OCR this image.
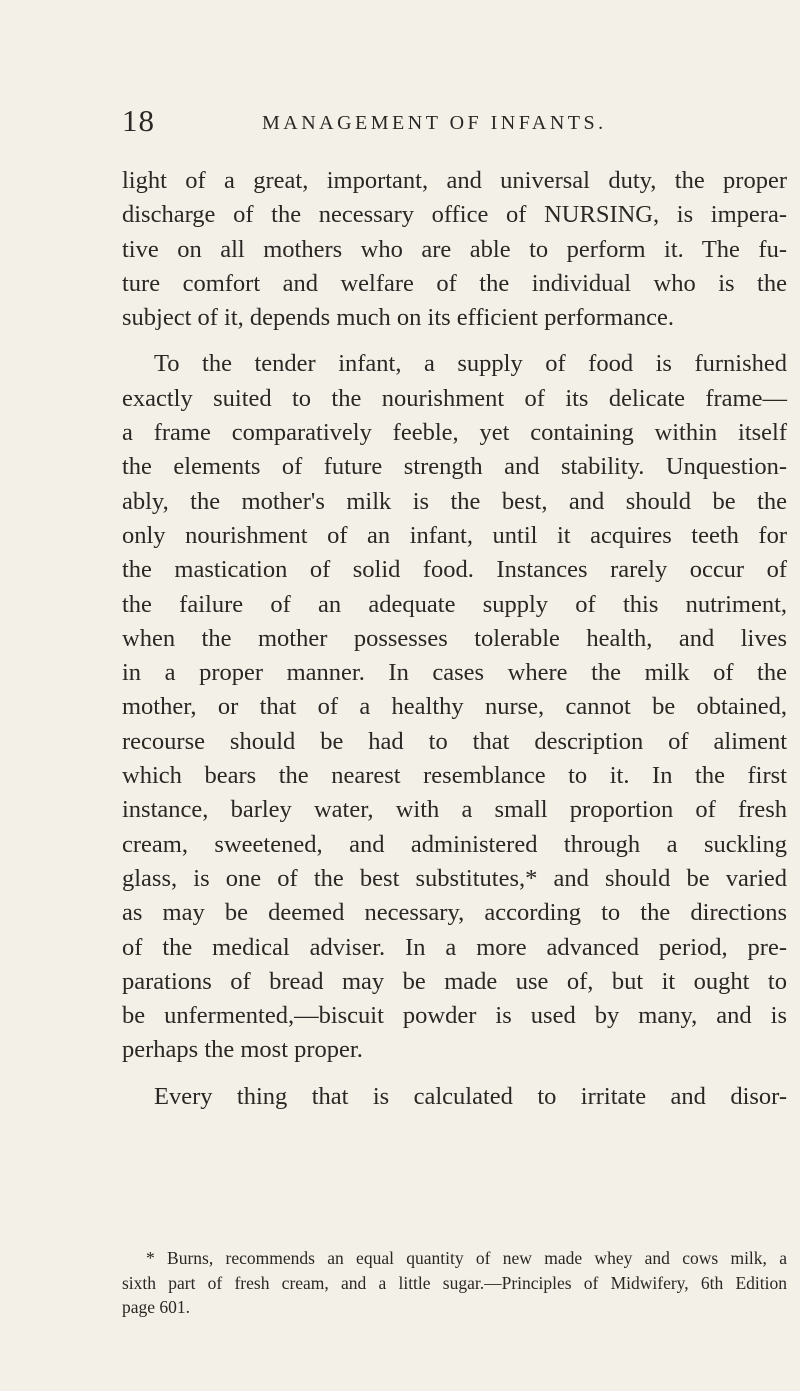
18	MANAGEMENT OF INFANTS.
light of a great, important, and universal duty, the proper
discharge of the necessary office of NURSING, is impera-
tive on all mothers who are able to perform it. The fu-
ture comfort and welfare of the individual who is the
subject of it, depends much on its efficient performance.
To the tender infant, a supply of food is furnished
exactly suited to the nourishment of its delicate frame—
a frame comparatively feeble, yet containing within itself
the elements of future strength and stability. Unquestion-
ably, the mother's milk is the best, and should be the
only nourishment of an infant, until it acquires teeth for
the mastication of solid food. Instances rarely occur of
the failure of an adequate supply of this nutriment,
when the mother possesses tolerable health, and lives
in a proper manner. In cases where the milk of the
mother, or that of a healthy nurse, cannot be obtained,
recourse should be had to that description of aliment
which bears the nearest resemblance to it. In the first
instance, barley water, with a small proportion of fresh
cream, sweetened, and administered through a suckling
glass, is one of the best substitutes,* and should be varied
as may be deemed necessary, according to the directions
of the medical adviser. In a more advanced period, pre-
parations of bread may be made use of, but it ought to
be unfermented,—biscuit powder is used by many, and is
perhaps the most proper.
Every thing that is calculated to irritate and disor-
* Burns, recommends an equal quantity of new made whey and cows milk, a
sixth part of fresh cream, and a little sugar.—Principles of Midwifery, 6th Edition
page 601.
